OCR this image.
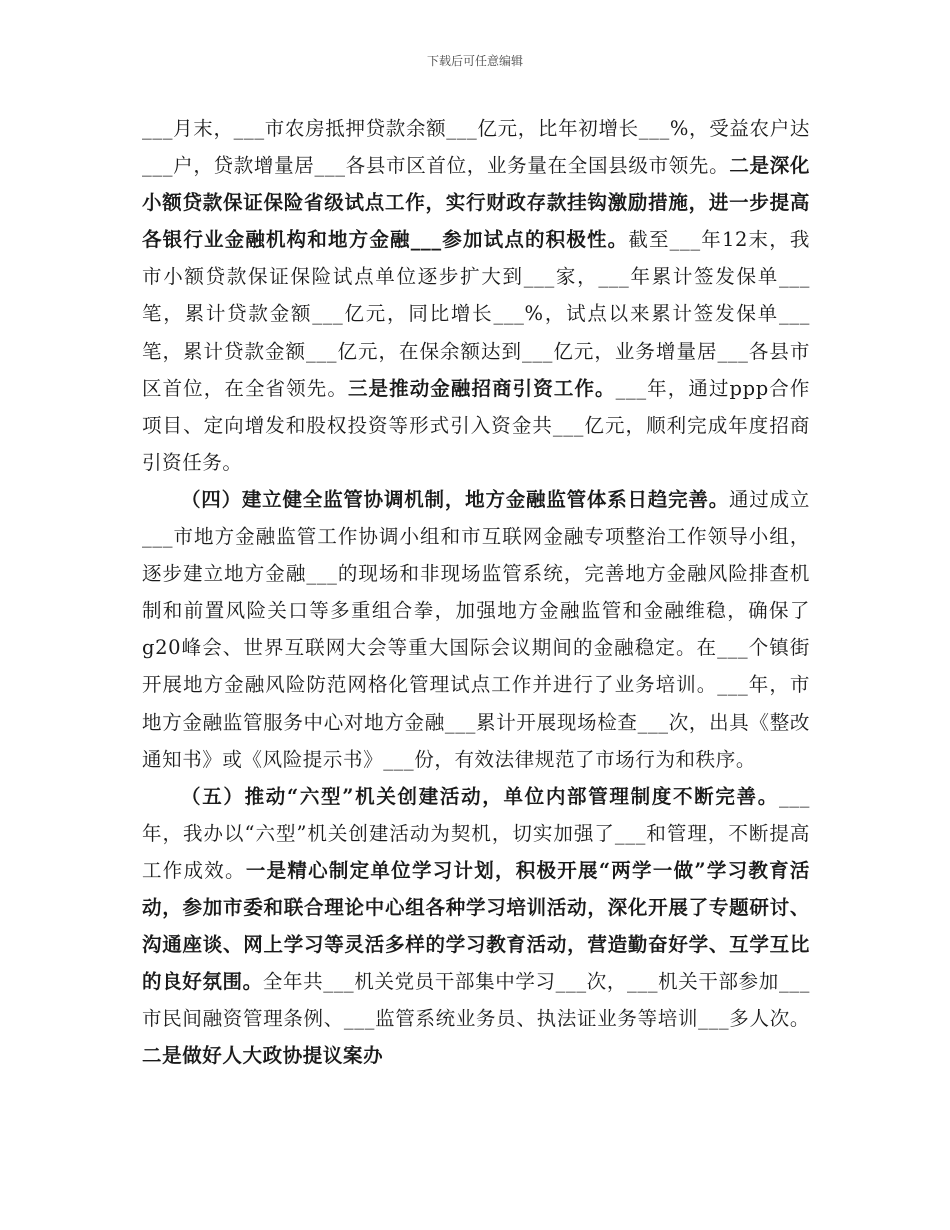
下载后可任意编辑

___月末，___市农房抵押贷款余额___亿元，比年初增长___%，受益农户达___户，贷款增量居___各县市区首位，业务量在全国县级市领先。二是深化小额贷款保证保险省级试点工作，实行财政存款挂钩激励措施，进一步提高各银行业金融机构和地方金融___参加试点的积极性。截至___年12末，我市小额贷款保证保险试点单位逐步扩大到___家，___年累计签发保单___笔，累计贷款金额___亿元，同比增长___%，试点以来累计签发保单___笔，累计贷款金额___亿元，在保余额达到___亿元，业务增量居___各县市区首位，在全省领先。三是推动金融招商引资工作。___年，通过ppp合作项目、定向增发和股权投资等形式引入资金共___亿元，顺利完成年度招商引资任务。

（四）建立健全监管协调机制，地方金融监管体系日趋完善。通过成立___市地方金融监管工作协调小组和市互联网金融专项整治工作领导小组，逐步建立地方金融___的现场和非现场监管系统，完善地方金融风险排查机制和前置风险关口等多重组合拳，加强地方金融监管和金融维稳，确保了g20峰会、世界互联网大会等重大国际会议期间的金融稳定。在___个镇街开展地方金融风险防范网格化管理试点工作并进行了业务培训。___年，市地方金融监管服务中心对地方金融___累计开展现场检查___次，出具《整改通知书》或《风险提示书》___份，有效法律规范了市场行为和秩序。

（五）推动“六型”机关创建活动，单位内部管理制度不断完善。___年，我办以“六型”机关创建活动为契机，切实加强了___和管理，不断提高工作成效。一是精心制定单位学习计划，积极开展“两学一做”学习教育活动，参加市委和联合理论中心组各种学习培训活动，深化开展了专题研讨、沟通座谈、网上学习等灵活多样的学习教育活动，营造勤奋好学、互学互比的良好氛围。全年共___机关党员干部集中学习___次，___机关干部参加___市民间融资管理条例、___监管系统业务员、执法证业务等培训___多人次。二是做好人大政协提议案办
